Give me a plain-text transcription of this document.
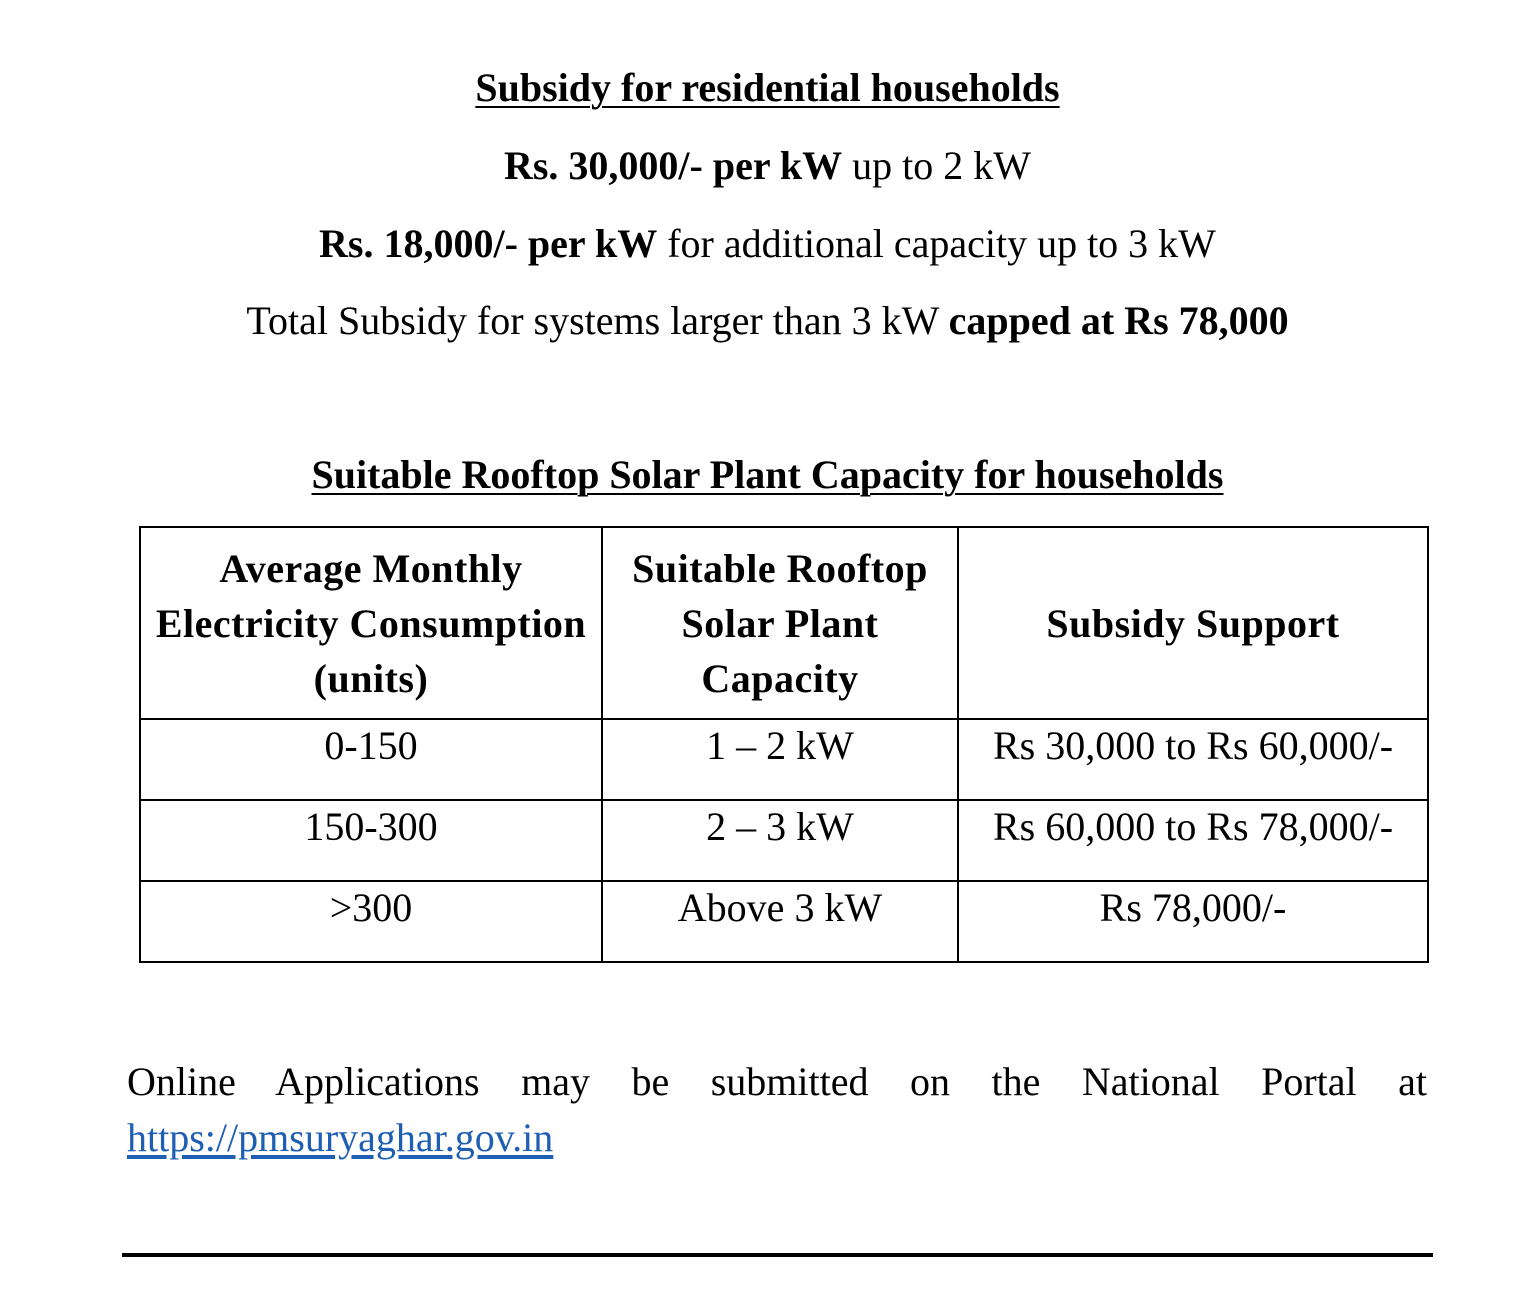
Subsidy for residential households
Rs. 30,000/- per kW up to 2 kW
Rs. 18,000/- per kW for additional capacity up to 3 kW
Total Subsidy for systems larger than 3 kW capped at Rs 78,000
Suitable Rooftop Solar Plant Capacity for households
Average Monthly Electricity Consumption (units)	Suitable Rooftop Solar Plant Capacity	Subsidy Support
0-150	1 – 2 kW	Rs 30,000 to Rs 60,000/-
150-300	2 – 3 kW	Rs 60,000 to Rs 78,000/-
>300	Above 3 kW	Rs 78,000/-
Online Applications may be submitted on the National Portal at https://pmsuryaghar.gov.in
